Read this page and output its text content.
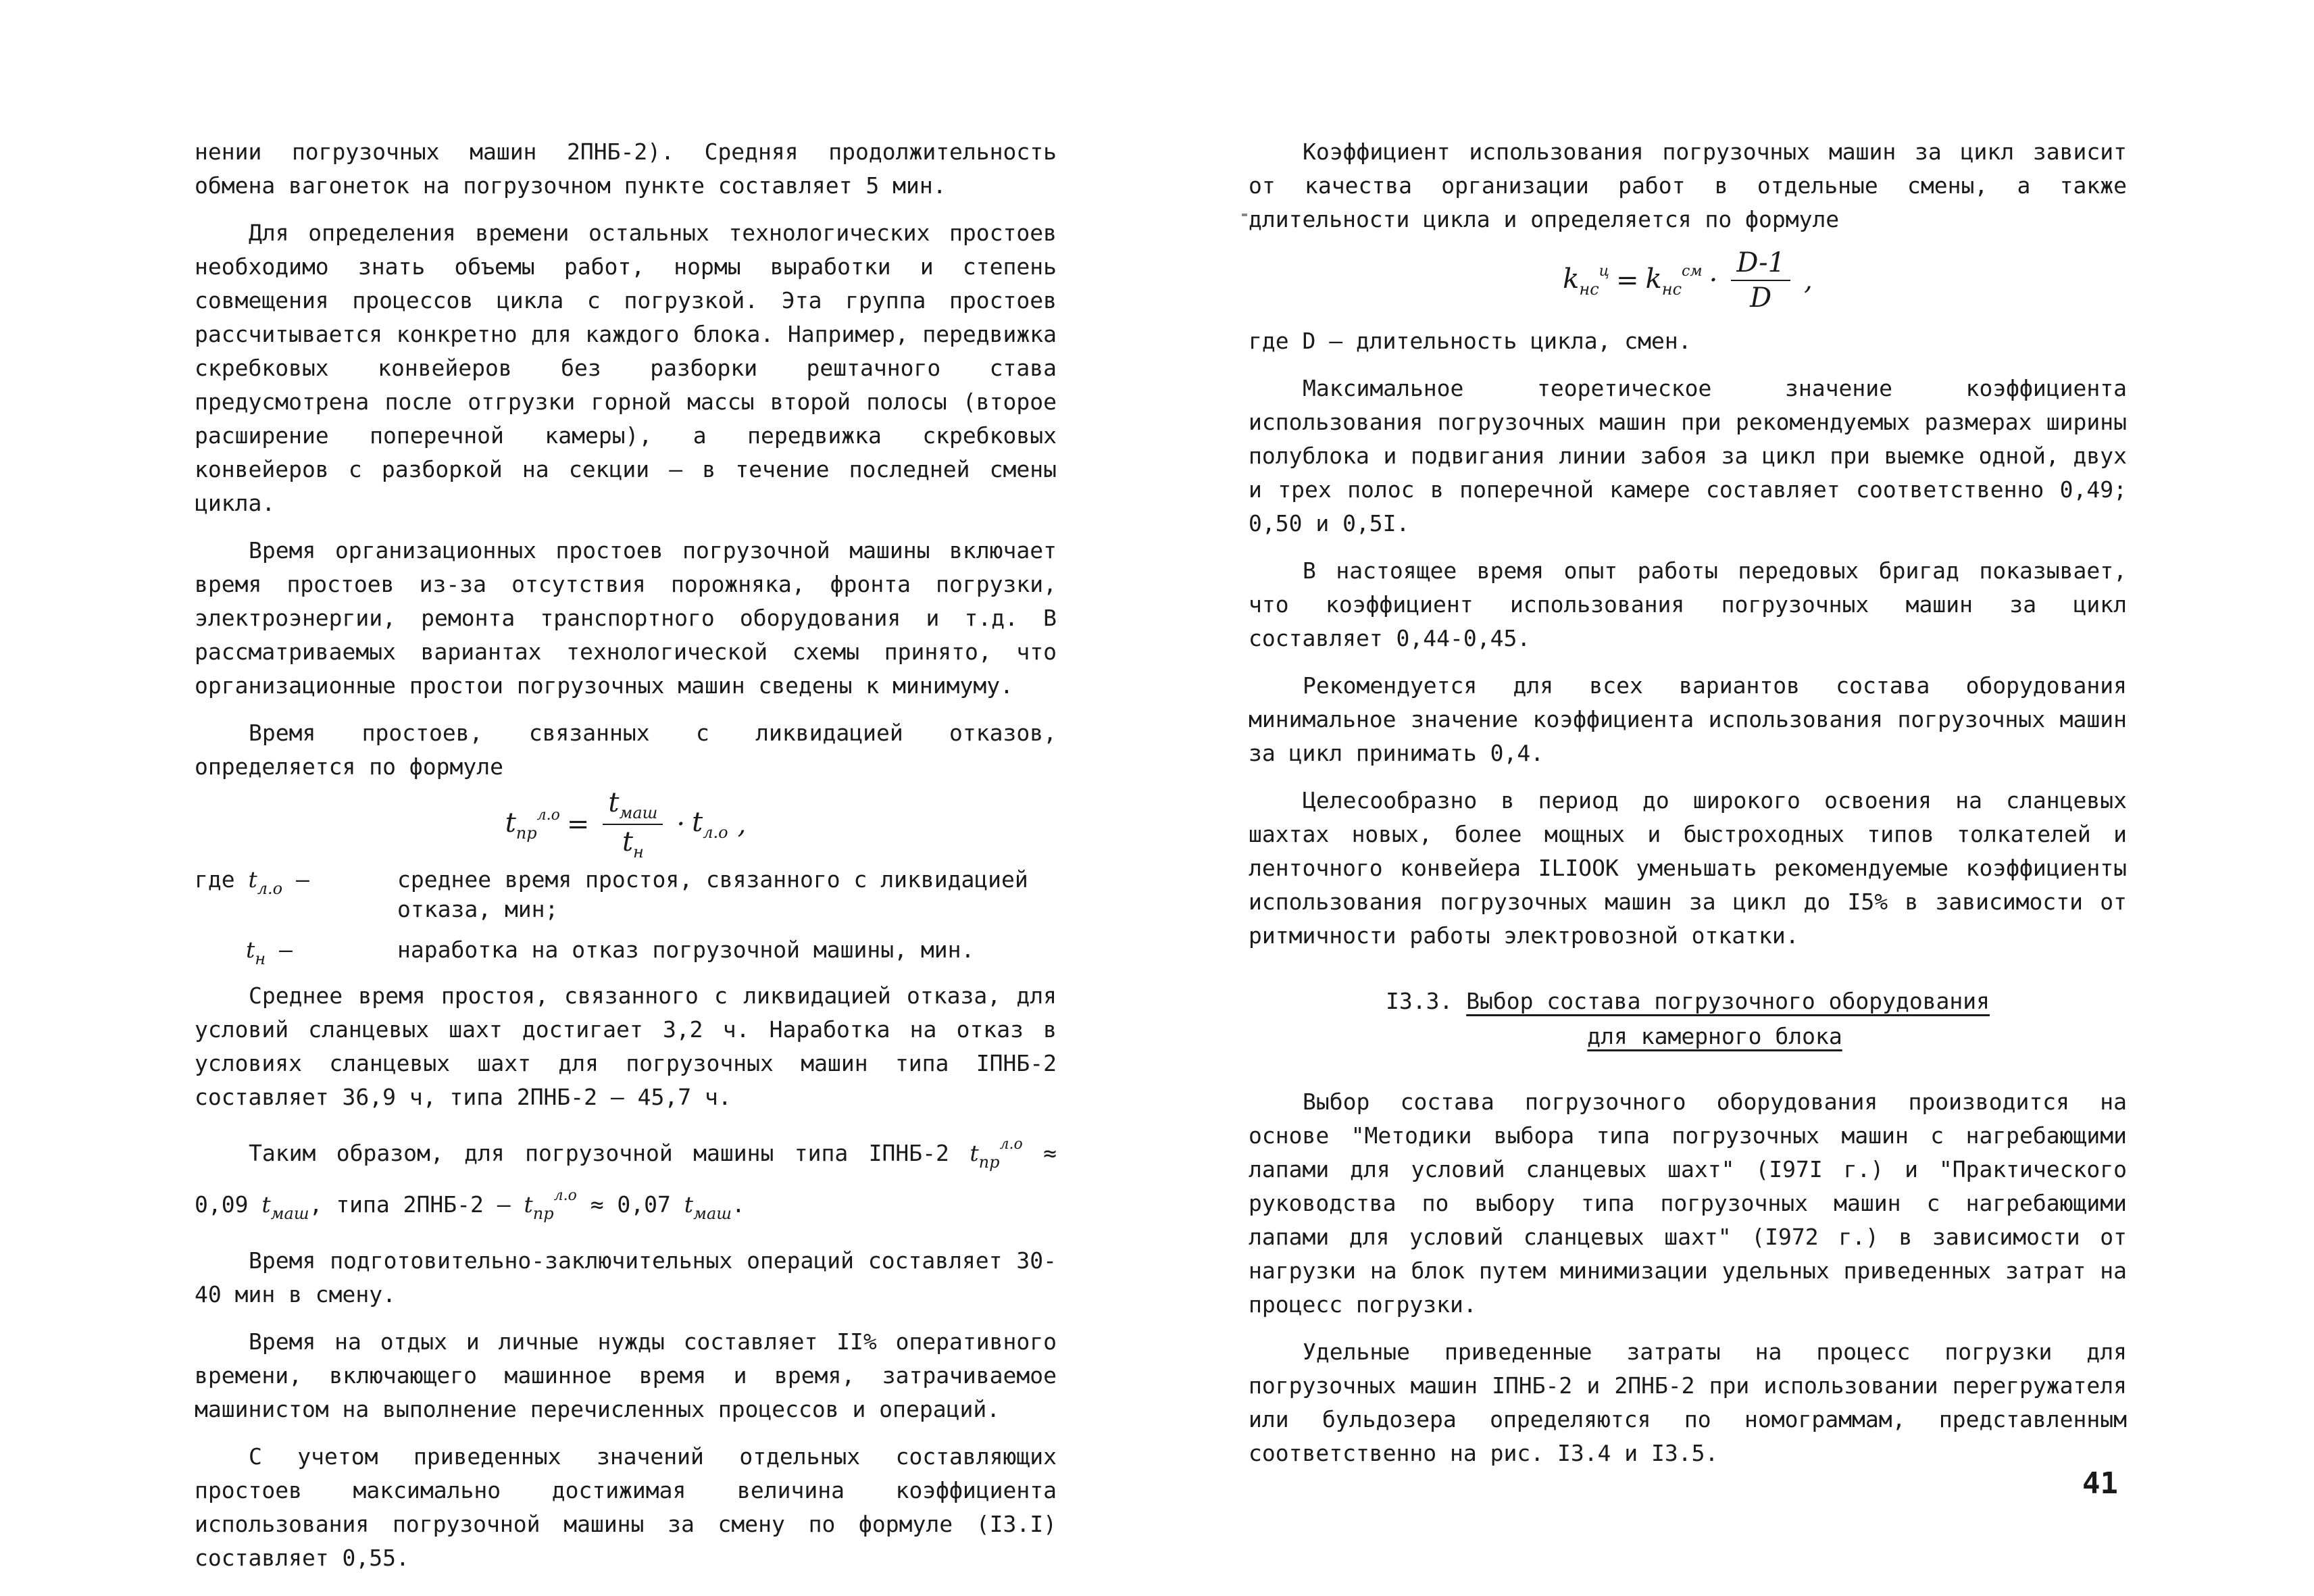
нении погрузочных машин 2ПНБ-2). Средняя продолжительность обмена вагонеток на погрузочном пункте составляет 5 мин.

Для определения времени остальных технологических простоев необходимо знать объемы работ, нормы выработки и степень совмещения процессов цикла с погрузкой. Эта группа простоев рассчитывается конкретно для каждого блока. Например, передвижка скребковых конвейеров без разборки рештачного става предусмотрена после отгрузки горной массы второй полосы (второе расширение поперечной камеры), а передвижка скребковых конвейеров с разборкой на секции – в течение последней смены цикла.

Время организационных простоев погрузочной машины включает время простоев из-за отсутствия порожняка, фронта погрузки, электроэнергии, ремонта транспортного оборудования и т.д. В рассматриваемых вариантах технологической схемы принято, что организационные простои погрузочных машин сведены к минимуму.

Время простоев, связанных с ликвидацией отказов, определяется по формуле

$t_{пр}^{л.о} = \frac{t_{маш}}{t_н} \cdot t_{л.о}$ ,
где $t_{л.о}$ –	среднее время простоя, связанного с ликвидацией отказа, мин;
$t_н$ –	наработка на отказ погрузочной машины, мин.

Среднее время простоя, связанного с ликвидацией отказа, для условий сланцевых шахт достигает 3,2 ч. Наработка на отказ в условиях сланцевых шахт для погрузочных машин типа IПНБ-2 составляет 36,9 ч, типа 2ПНБ-2 – 45,7 ч.

Таким образом, для погрузочной машины типа IПНБ-2 $t_{пр}^{л.о} \approx 0,09$ $t_{маш}$, типа $2ПНБ-2 - t_{пр}^{л.о} \approx 0,07$ $t_{маш}$.

Время подготовительно-заключительных операций составляет 30-40 мин в смену.

Время на отдых и личные нужды составляет II% оперативного времени, включающего машинное время и время, затрачиваемое машинистом на выполнение перечисленных процессов и операций.

С учетом приведенных значений отдельных составляющих простоев максимально достижимая величина коэффициента использования погрузочной машины за смену по формуле (I3.I) составляет 0,55.

Коэффициент использования погрузочных машин за цикл зависит от качества организации работ в отдельные смены, а также длительности цикла и определяется по формуле

$k_{нс}^ц = k_{нс}^{см} \cdot \frac{D-1}{D}$ ,

где D – длительность цикла, смен.

Максимальное теоретическое значение коэффициента использования погрузочных машин при рекомендуемых размерах ширины полублока и подвигания линии забоя за цикл при выемке одной, двух и трех полос в поперечной камере составляет соответственно 0,49; 0,50 и 0,5I.

В настоящее время опыт работы передовых бригад показывает, что коэффициент использования погрузочных машин за цикл составляет 0,44-0,45.

Рекомендуется для всех вариантов состава оборудования минимальное значение коэффициента использования погрузочных машин за цикл принимать 0,4.

Целесообразно в период до широкого освоения на сланцевых шахтах новых, более мощных и быстроходных типов толкателей и ленточного конвейера ILIOOK уменьшать рекомендуемые коэффициенты использования погрузочных машин за цикл до I5% в зависимости от ритмичности работы электровозной откатки.

I3.3. Выбор состава погрузочного оборудования
для камерного блока

Выбор состава погрузочного оборудования производится на основе "Методики выбора типа погрузочных машин с нагребающими лапами для условий сланцевых шахт" (I97I г.) и "Практического руководства по выбору типа погрузочных машин с нагребающими лапами для условий сланцевых шахт" (I972 г.) в зависимости от нагрузки на блок путем минимизации удельных приведенных затрат на процесс погрузки.

Удельные приведенные затраты на процесс погрузки для погрузочных машин IПНБ-2 и 2ПНБ-2 при использовании перегружателя или бульдозера определяются по номограммам, представленным соответственно на рис. I3.4 и I3.5.

41
